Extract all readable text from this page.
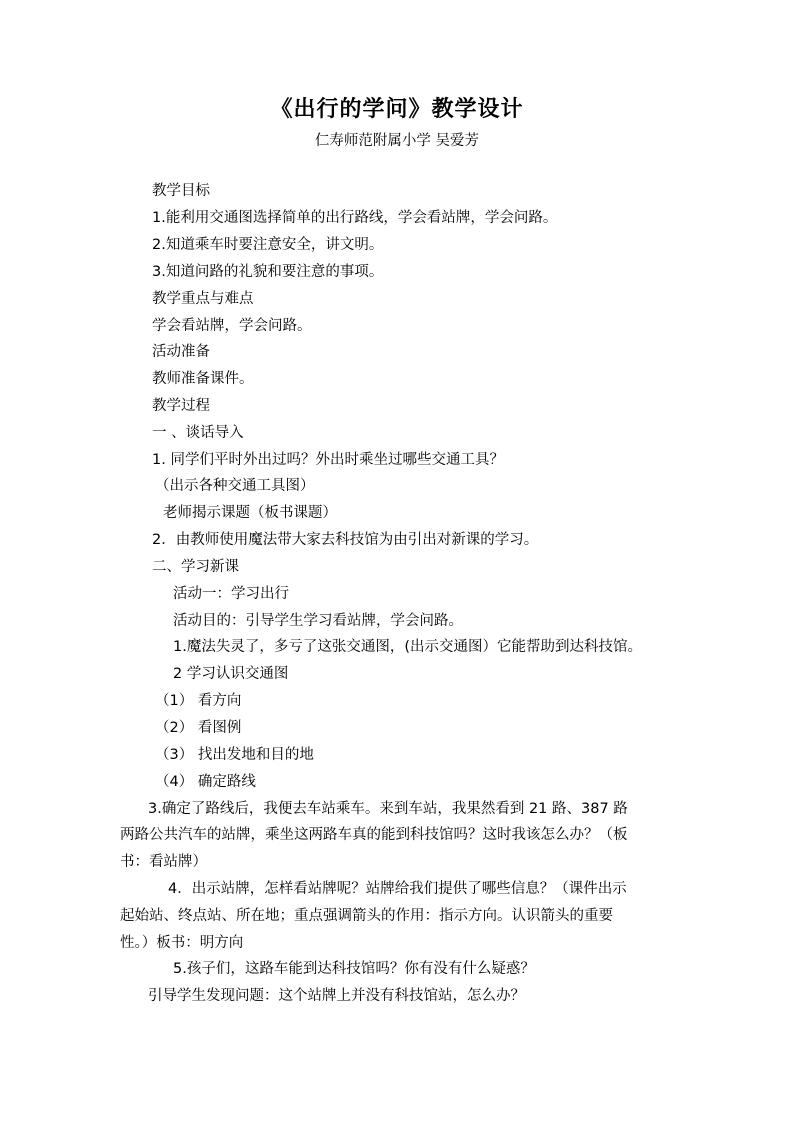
《出行的学问》教学设计
仁寿师范附属小学 吴爱芳
教学目标
1.能利用交通图选择简单的出行路线，学会看站牌，学会问路。
2.知道乘车时要注意安全，讲文明。
3.知道问路的礼貌和要注意的事项。
教学重点与难点
学会看站牌，学会问路。
活动准备
教师准备课件。
教学过程
一 、谈话导入
1. 同学们平时外出过吗？外出时乘坐过哪些交通工具？
（出示各种交通工具图）
老师揭示课题（板书课题）
2．由教师使用魔法带大家去科技馆为由引出对新课的学习。
二、学习新课
活动一：学习出行
活动目的：引导学生学习看站牌，学会问路。
1.魔法失灵了，多亏了这张交通图，(出示交通图）它能帮助到达科技馆。
2 学习认识交通图
（1） 看方向
（2） 看图例
（3） 找出发地和目的地
（4） 确定路线
3.确定了路线后，我便去车站乘车。来到车站，我果然看到 21 路、387 路
两路公共汽车的站牌，乘坐这两路车真的能到科技馆吗？这时我该怎么办？（板
书：看站牌）
4．出示站牌，怎样看站牌呢？站牌给我们提供了哪些信息？（课件出示
起始站、终点站、所在地；重点强调箭头的作用：指示方向。认识箭头的重要
性。）板书：明方向
5.孩子们，这路车能到达科技馆吗？你有没有什么疑惑？
引导学生发现问题：这个站牌上并没有科技馆站，怎么办？
